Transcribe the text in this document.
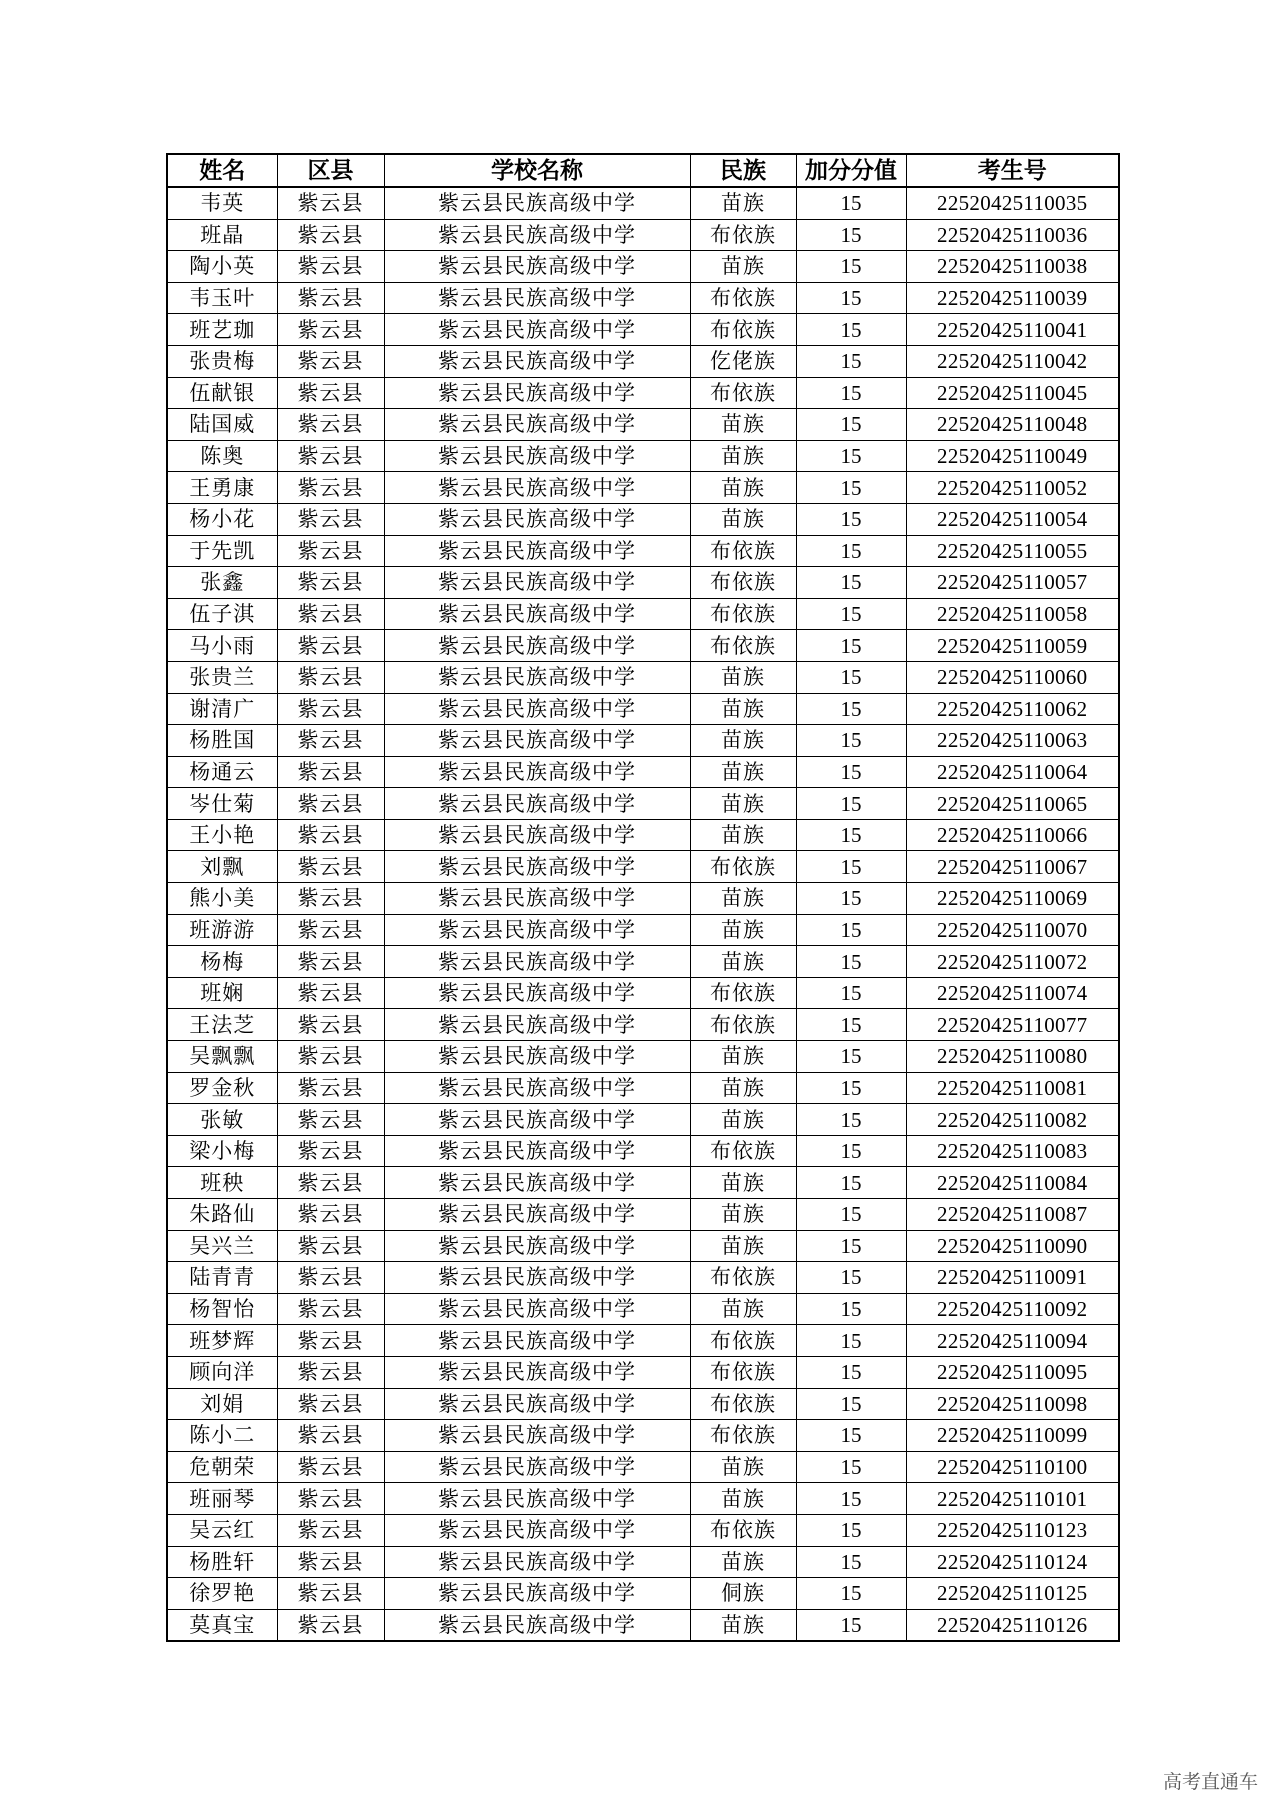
姓名	区县	学校名称	民族	加分分值	考生号
韦英	紫云县	紫云县民族高级中学	苗族	15	22520425110035
班晶	紫云县	紫云县民族高级中学	布依族	15	22520425110036
陶小英	紫云县	紫云县民族高级中学	苗族	15	22520425110038
韦玉叶	紫云县	紫云县民族高级中学	布依族	15	22520425110039
班艺珈	紫云县	紫云县民族高级中学	布依族	15	22520425110041
张贵梅	紫云县	紫云县民族高级中学	仡佬族	15	22520425110042
伍献银	紫云县	紫云县民族高级中学	布依族	15	22520425110045
陆国威	紫云县	紫云县民族高级中学	苗族	15	22520425110048
陈奥	紫云县	紫云县民族高级中学	苗族	15	22520425110049
王勇康	紫云县	紫云县民族高级中学	苗族	15	22520425110052
杨小花	紫云县	紫云县民族高级中学	苗族	15	22520425110054
于先凯	紫云县	紫云县民族高级中学	布依族	15	22520425110055
张鑫	紫云县	紫云县民族高级中学	布依族	15	22520425110057
伍子淇	紫云县	紫云县民族高级中学	布依族	15	22520425110058
马小雨	紫云县	紫云县民族高级中学	布依族	15	22520425110059
张贵兰	紫云县	紫云县民族高级中学	苗族	15	22520425110060
谢清广	紫云县	紫云县民族高级中学	苗族	15	22520425110062
杨胜国	紫云县	紫云县民族高级中学	苗族	15	22520425110063
杨通云	紫云县	紫云县民族高级中学	苗族	15	22520425110064
岑仕菊	紫云县	紫云县民族高级中学	苗族	15	22520425110065
王小艳	紫云县	紫云县民族高级中学	苗族	15	22520425110066
刘飘	紫云县	紫云县民族高级中学	布依族	15	22520425110067
熊小美	紫云县	紫云县民族高级中学	苗族	15	22520425110069
班游游	紫云县	紫云县民族高级中学	苗族	15	22520425110070
杨梅	紫云县	紫云县民族高级中学	苗族	15	22520425110072
班娴	紫云县	紫云县民族高级中学	布依族	15	22520425110074
王法芝	紫云县	紫云县民族高级中学	布依族	15	22520425110077
吴飘飘	紫云县	紫云县民族高级中学	苗族	15	22520425110080
罗金秋	紫云县	紫云县民族高级中学	苗族	15	22520425110081
张敏	紫云县	紫云县民族高级中学	苗族	15	22520425110082
梁小梅	紫云县	紫云县民族高级中学	布依族	15	22520425110083
班秧	紫云县	紫云县民族高级中学	苗族	15	22520425110084
朱路仙	紫云县	紫云县民族高级中学	苗族	15	22520425110087
吴兴兰	紫云县	紫云县民族高级中学	苗族	15	22520425110090
陆青青	紫云县	紫云县民族高级中学	布依族	15	22520425110091
杨智怡	紫云县	紫云县民族高级中学	苗族	15	22520425110092
班梦辉	紫云县	紫云县民族高级中学	布依族	15	22520425110094
顾向洋	紫云县	紫云县民族高级中学	布依族	15	22520425110095
刘娟	紫云县	紫云县民族高级中学	布依族	15	22520425110098
陈小二	紫云县	紫云县民族高级中学	布依族	15	22520425110099
危朝荣	紫云县	紫云县民族高级中学	苗族	15	22520425110100
班丽琴	紫云县	紫云县民族高级中学	苗族	15	22520425110101
吴云红	紫云县	紫云县民族高级中学	布依族	15	22520425110123
杨胜轩	紫云县	紫云县民族高级中学	苗族	15	22520425110124
徐罗艳	紫云县	紫云县民族高级中学	侗族	15	22520425110125
莫真宝	紫云县	紫云县民族高级中学	苗族	15	22520425110126
高考直通车
